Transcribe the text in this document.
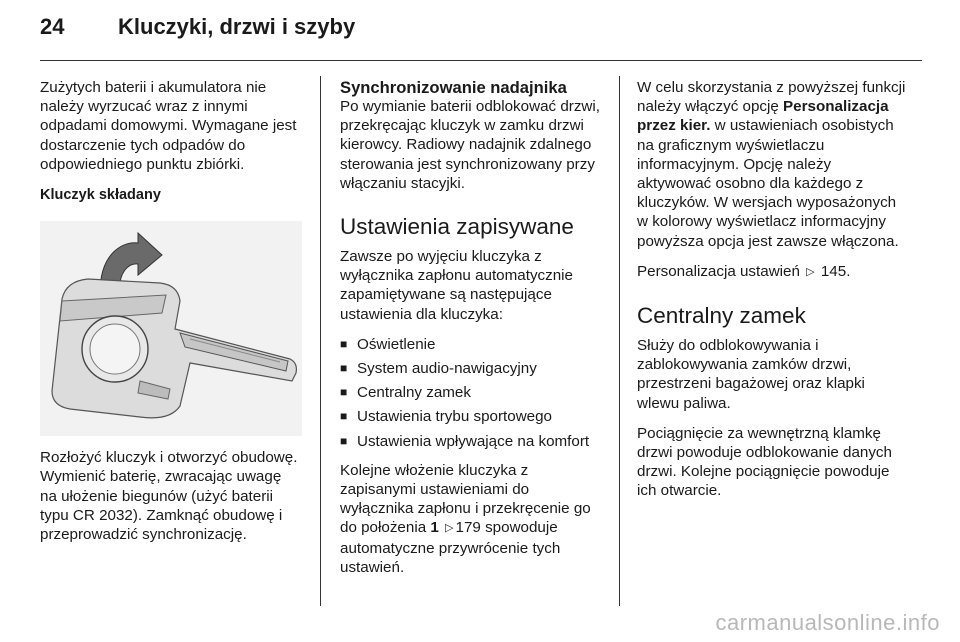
24 Kluczyki, drzwi i szyby

Zużytych baterii i akumulatora nie należy wyrzucać wraz z innymi odpadami domowymi. Wymagane jest dostarczenie tych odpadów do odpowiedniego punktu zbiórki.

Kluczyk składany

Rozłożyć kluczyk i otworzyć obudowę. Wymienić baterię, zwracając uwagę na ułożenie biegunów (użyć baterii typu CR 2032). Zamknąć obudowę i przeprowadzić synchronizację.

Synchronizowanie nadajnika

Po wymianie baterii odblokować drzwi, przekręcając kluczyk w zamku drzwi kierowcy. Radiowy nadajnik zdalnego sterowania jest synchronizowany przy włączaniu stacyjki.

Ustawienia zapisywane

Zawsze po wyjęciu kluczyka z wyłącznika zapłonu automatycznie zapamiętywane są następujące ustawienia dla kluczyka:

■ Oświetlenie
■ System audio-nawigacyjny
■ Centralny zamek
■ Ustawienia trybu sportowego
■ Ustawienia wpływające na komfort

Kolejne włożenie kluczyka z zapisanymi ustawieniami do wyłącznika zapłonu i przekręcenie go do położenia 1 ▷ 179 spowoduje automatyczne przywrócenie tych ustawień.

W celu skorzystania z powyższej funkcji należy włączyć opcję Personalizacja przez kier. w ustawieniach osobistych na graficznym wyświetlaczu informacyjnym. Opcję należy aktywować osobno dla każdego z kluczyków. W wersjach wyposażonych w kolorowy wyświetlacz informacyjny powyższa opcja jest zawsze włączona.

Personalizacja ustawień ▷ 145.

Centralny zamek

Służy do odblokowywania i zablokowywania zamków drzwi, przestrzeni bagażowej oraz klapki wlewu paliwa.

Pociągnięcie za wewnętrzną klamkę drzwi powoduje odblokowanie danych drzwi. Kolejne pociągnięcie powoduje ich otwarcie.

carmanualsonline.info
